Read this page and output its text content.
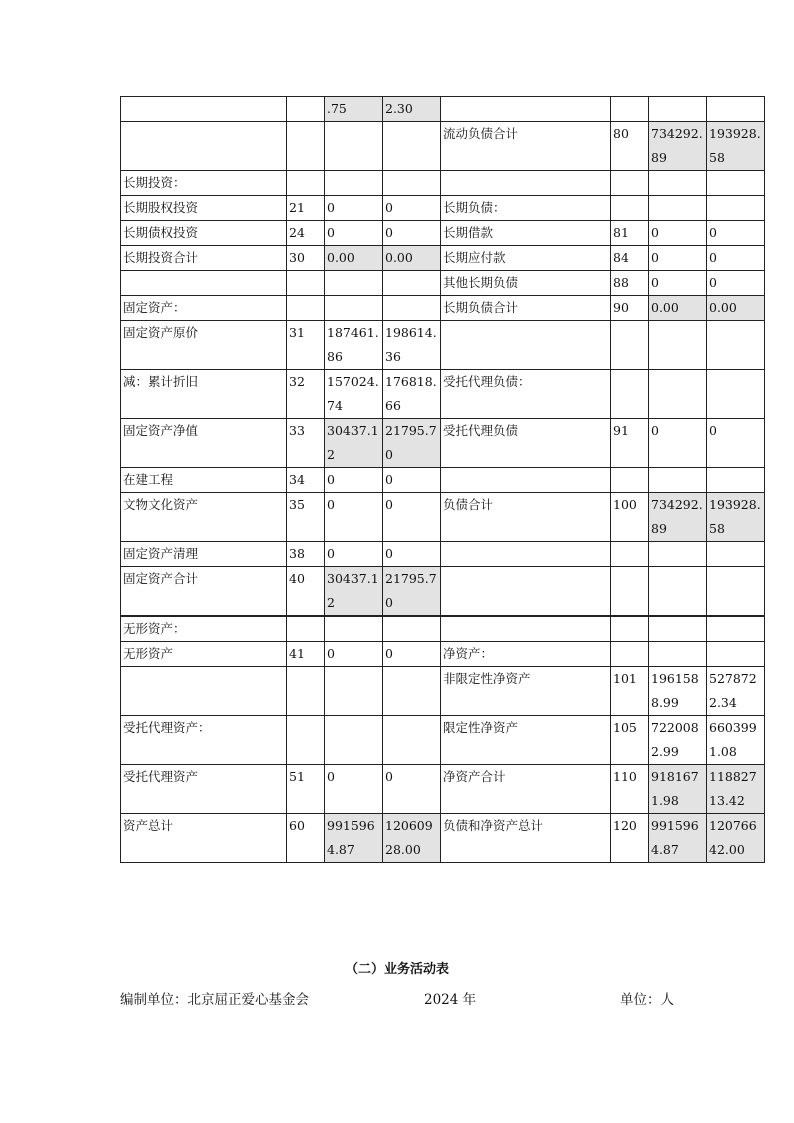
		.75	2.30				
				流动负债合计	80	734292.89	193928.58
长期投资：							
长期股权投资	21	0	0	长期负债：			
长期债权投资	24	0	0	长期借款	81	0	0
长期投资合计	30	0.00	0.00	长期应付款	84	0	0
				其他长期负债	88	0	0
固定资产：				长期负债合计	90	0.00	0.00
固定资产原价	31	187461.86	198614.36				
减：累计折旧	32	157024.74	176818.66	受托代理负债：			
固定资产净值	33	30437.12	21795.70	受托代理负债	91	0	0
在建工程	34	0	0				
文物文化资产	35	0	0	负债合计	100	734292.89	193928.58
固定资产清理	38	0	0				
固定资产合计	40	30437.12	21795.70				

无形资产：							
无形资产	41	0	0	净资产：			
				非限定性净资产	101	1961588.99	5278722.34
受托代理资产：				限定性净资产	105	7220082.99	6603991.08
受托代理资产	51	0	0	净资产合计	110	9181671.98	11882713.42
资产总计	60	9915964.87	12060928.00	负债和净资产总计	120	9915964.87	12076642.00
（二）业务活动表
编制单位：北京屈正爱心基金会	2024 年	单位：人
